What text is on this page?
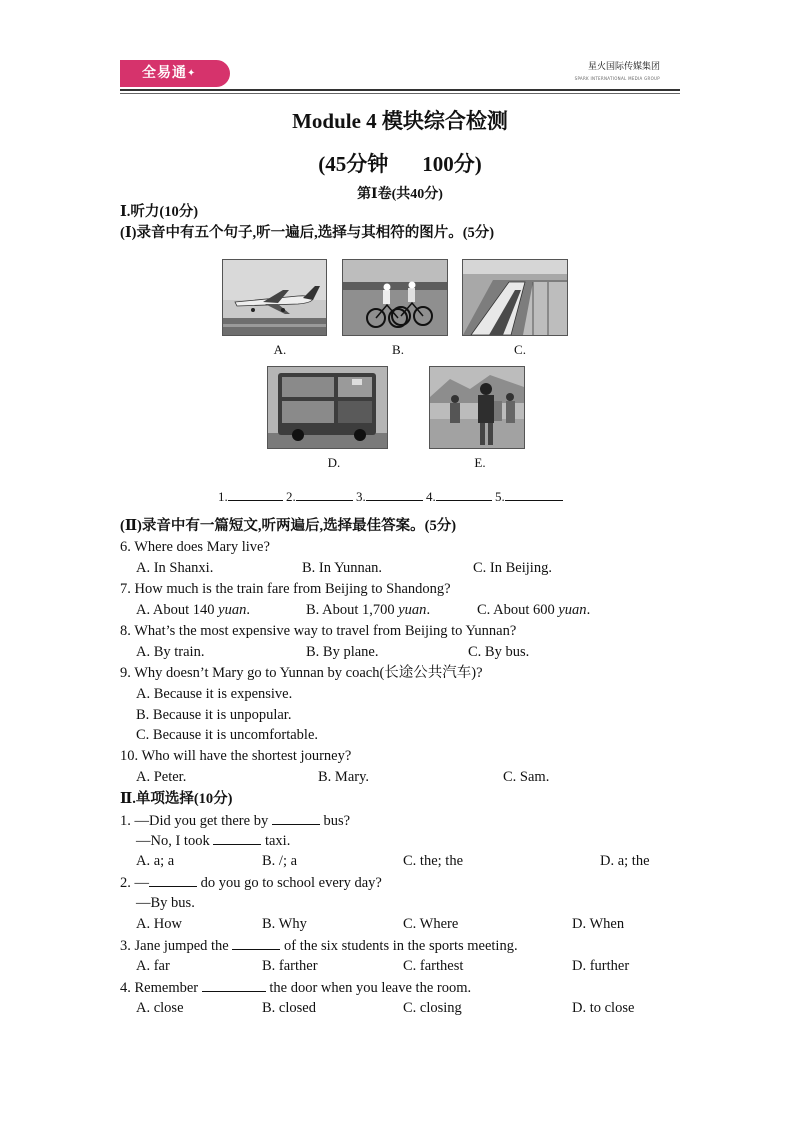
全易通✦
星火国际传媒集团
SPARK INTERNATIONAL MEDIA GROUP
Module 4 模块综合检测
(45分钟 100分)
第Ⅰ卷(共40分)
Ⅰ.听力(10分)
(Ⅰ)录音中有五个句子,听一遍后,选择与其相符的图片。(5分)
A.	B.	C.
D.	E.
1.	2.	3.	4.	5.
(Ⅱ)录音中有一篇短文,听两遍后,选择最佳答案。(5分)
6. Where does Mary live?
A. In Shanxi.	B. In Yunnan.	C. In Beijing.
7. How much is the train fare from Beijing to Shandong?
A. About 140 yuan.	B. About 1,700 yuan.	C. About 600 yuan.
8. What’s the most expensive way to travel from Beijing to Yunnan?
A. By train.	B. By plane.	C. By bus.
9. Why doesn’t Mary go to Yunnan by coach(长途公共汽车)?
A. Because it is expensive.
B. Because it is unpopular.
C. Because it is uncomfortable.
10. Who will have the shortest journey?
A. Peter.	B. Mary.	C. Sam.
Ⅱ.单项选择(10分)
1. —Did you get there by	bus?
—No, I took	taxi.
A. a; a	B. /; a	C. the; the	D. a; the
2. —	do you go to school every day?
—By bus.
A. How	B. Why	C. Where	D. When
3. Jane jumped the	of the six students in the sports meeting.
A. far	B. farther	C. farthest	D. further
4. Remember	the door when you leave the room.
A. close	B. closed	C. closing	D. to close
